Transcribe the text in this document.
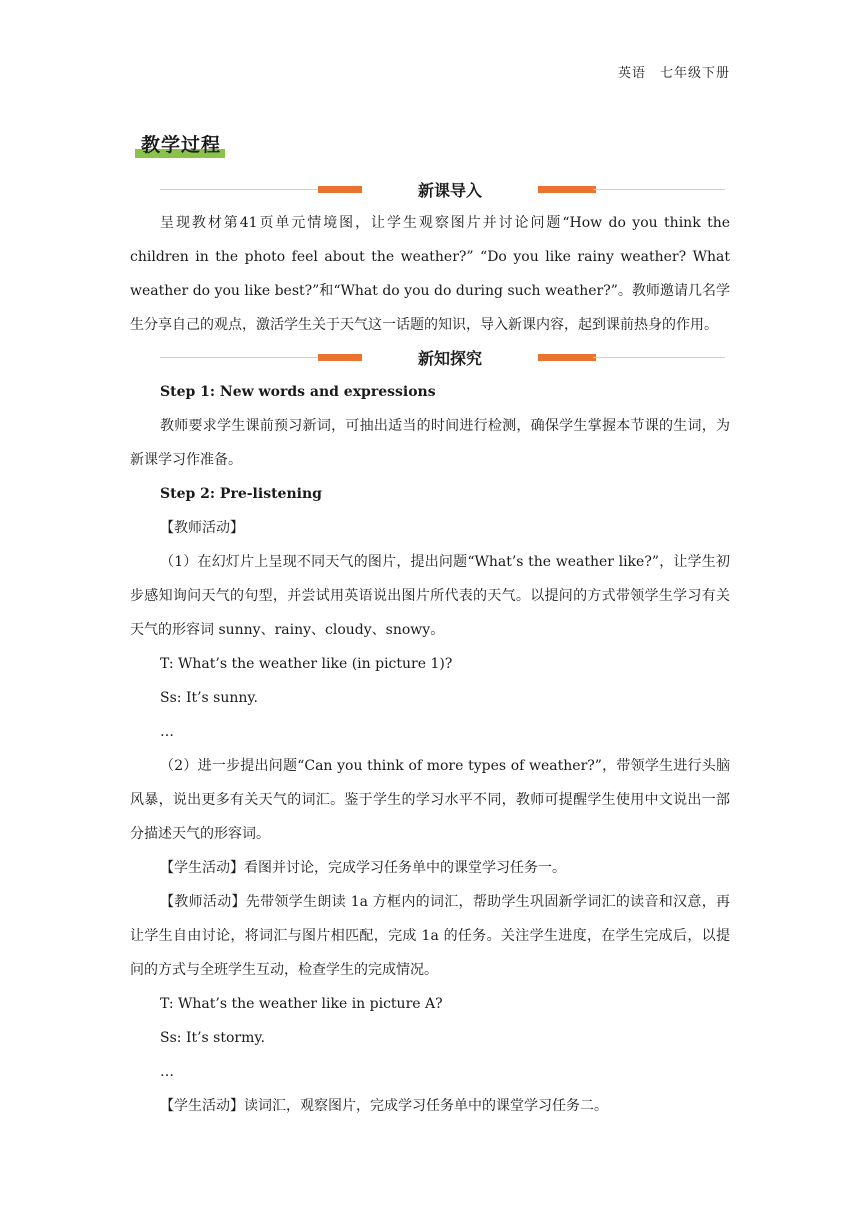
英语 七年级下册
教学过程
新课导入

呈现教材第41页单元情境图，让学生观察图片并讨论问题“How do you think the children in the photo feel about the weather?” “Do you like rainy weather? What weather do you like best?”和“What do you do during such weather?”。教师邀请几名学生分享自己的观点，激活学生关于天气这一话题的知识，导入新课内容，起到课前热身的作用。

新知探究

Step 1: New words and expressions

教师要求学生课前预习新词，可抽出适当的时间进行检测，确保学生掌握本节课的生词，为新课学习作准备。

Step 2: Pre-listening

【教师活动】

（1）在幻灯片上呈现不同天气的图片，提出问题“What’s the weather like?”，让学生初步感知询问天气的句型，并尝试用英语说出图片所代表的天气。以提问的方式带领学生学习有关天气的形容词 sunny、rainy、cloudy、snowy。

T: What’s the weather like (in picture 1)?

Ss: It’s sunny.

…

（2）进一步提出问题“Can you think of more types of weather?”，带领学生进行头脑风暴，说出更多有关天气的词汇。鉴于学生的学习水平不同，教师可提醒学生使用中文说出一部分描述天气的形容词。

【学生活动】看图并讨论，完成学习任务单中的课堂学习任务一。

【教师活动】先带领学生朗读 1a 方框内的词汇，帮助学生巩固新学词汇的读音和汉意，再让学生自由讨论，将词汇与图片相匹配，完成 1a 的任务。关注学生进度，在学生完成后，以提问的方式与全班学生互动，检查学生的完成情况。

T: What’s the weather like in picture A?

Ss: It’s stormy.

…

【学生活动】读词汇，观察图片，完成学习任务单中的课堂学习任务二。
